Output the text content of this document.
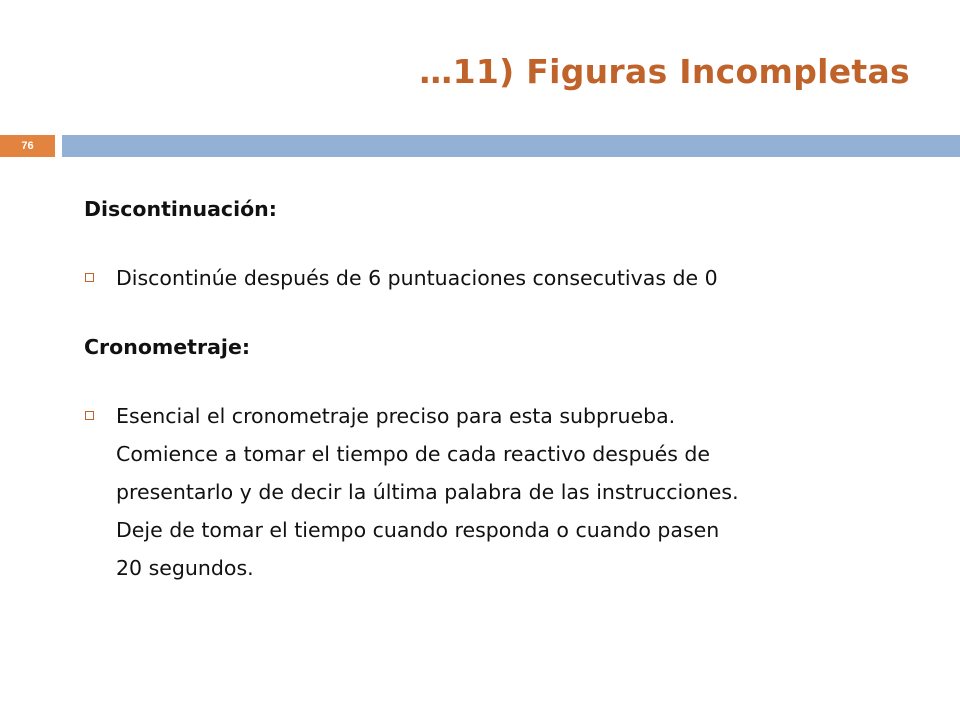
…11) Figuras Incompletas
76

Discontinuación:

Discontinúe después de 6 puntuaciones consecutivas de 0

Cronometraje:

Esencial el cronometraje preciso para esta subprueba.
Comience a tomar el tiempo de cada reactivo después de
presentarlo y de decir la última palabra de las instrucciones.
Deje de tomar el tiempo cuando responda o cuando pasen
20 segundos.
